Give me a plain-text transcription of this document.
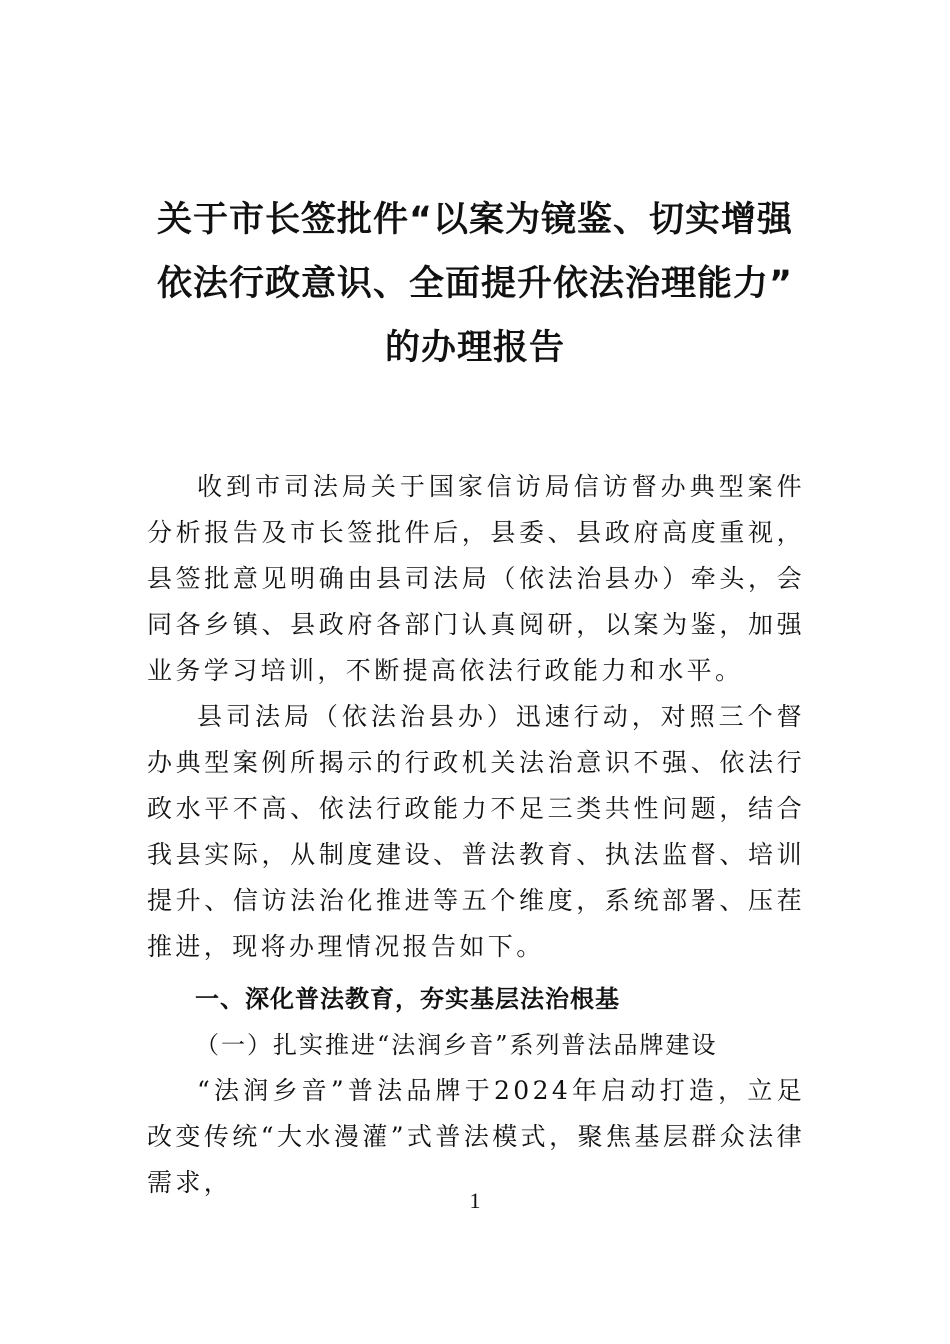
关于市长签批件“以案为镜鉴、切实增强
依法行政意识、全面提升依法治理能力”
的办理报告

收到市司法局关于国家信访局信访督办典型案件分析报告及市长签批件后，县委、县政府高度重视，县签批意见明确由县司法局（依法治县办）牵头，会同各乡镇、县政府各部门认真阅研，以案为鉴，加强业务学习培训，不断提高依法行政能力和水平。

县司法局（依法治县办）迅速行动，对照三个督办典型案例所揭示的行政机关法治意识不强、依法行政水平不高、依法行政能力不足三类共性问题，结合我县实际，从制度建设、普法教育、执法监督、培训提升、信访法治化推进等五个维度，系统部署、压茬推进，现将办理情况报告如下。

一、深化普法教育，夯实基层法治根基

（一）扎实推进“法润乡音”系列普法品牌建设

“法润乡音”普法品牌于2024年启动打造，立足改变传统“大水漫灌”式普法模式，聚焦基层群众法律需求，

1
